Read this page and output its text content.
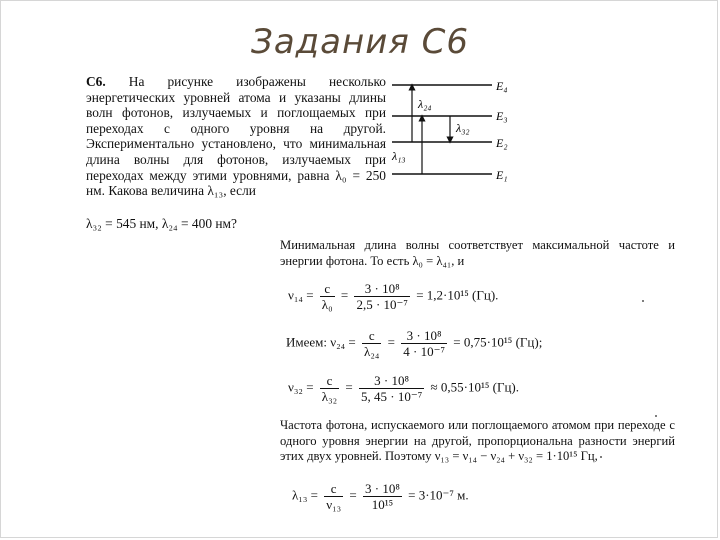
Задания С6
С6. На рисунке изображены несколько энергетических уровней атома и указаны длины волн фотонов, излучаемых и поглощаемых при переходах с одного уровня на другой. Экспериментально установлено, что минимальная длина волны для фотонов, излучаемых при переходах между этими уровнями, равна λ₀ = 250 нм. Какова величина λ₁₃, если
λ₃₂ = 545 нм, λ₂₄ = 400 нм?
E₄
E₃
E₂
E₁
λ₂₄
λ₃₂
λ₁₃
Минимальная длина волны соответствует максимальной частоте и энергии фотона. То есть λ₀ = λ₄₁, и
$\nu_{14} = \frac{c}{\text{λ₀}} = \frac{\text{3 · 10⁸}}{\text{2,5 · 10⁻⁷}} = 1,2\cdot 10^{15}$ (Гц).
Имеем: $\nu_{24} = \frac{c}{\text{λ₂₄}} = \frac{\text{3 · 10⁸}}{\text{4 · 10⁻⁷}} = 0,75\cdot 10^{15}$ (Гц);
$\nu_{32} = \frac{c}{\text{λ₃₂}} = \frac{\text{3 · 10⁸}}{\text{5, 45 · 10⁻⁷}} \approx 0,55\cdot 10^{15}$ (Гц).
Частота фотона, испускаемого или поглощаемого атомом при переходе с одного уровня энергии на другой, пропорциональна разности энергий этих двух уровней. Поэтому ν₁₃ = ν₁₄ − ν₂₄ + ν₃₂ = 1·10¹⁵ Гц,
$\lambda_{13} = \frac{c}{\text{ν₁₃}} = \frac{\text{3 · 10⁸}}{\text{10¹⁵}} = 3\cdot 10^{-7}$ м.
